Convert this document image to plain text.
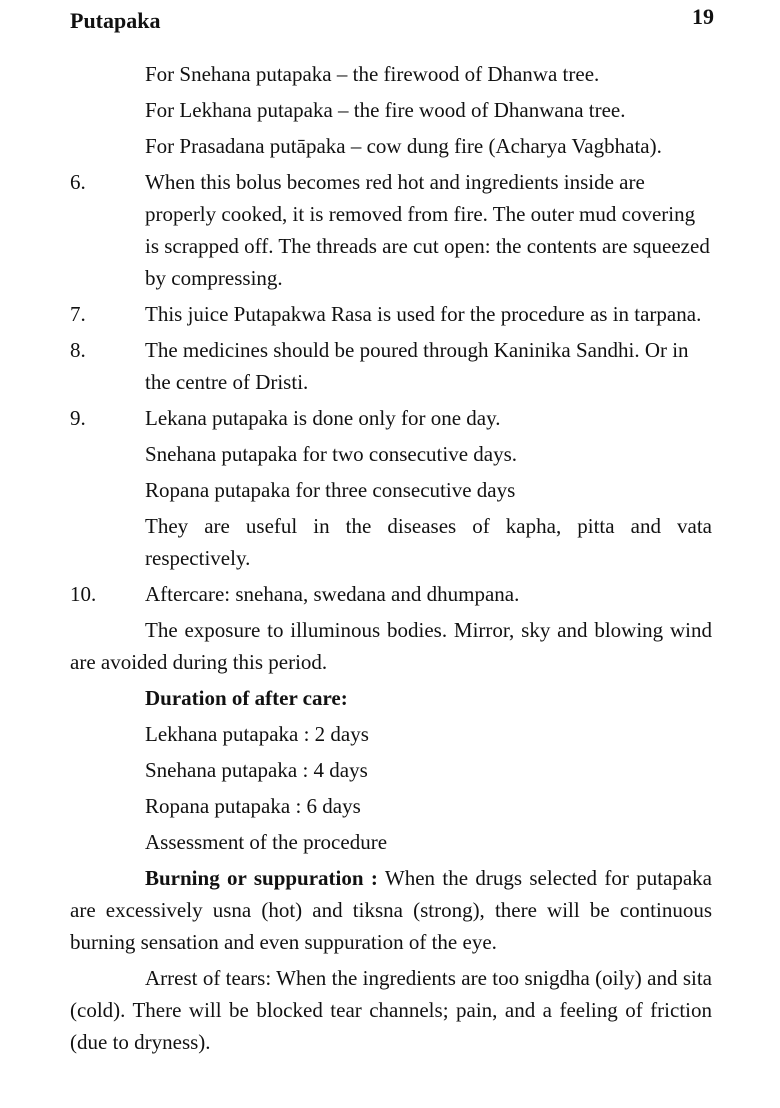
Putapaka	19

For Snehana putapaka – the firewood of Dhanwa tree.

For Lekhana putapaka – the fire wood of Dhanwana tree.

For Prasadana putāpaka – cow dung fire (Acharya Vagbhata).

6.	When this bolus becomes red hot and ingredients inside are properly cooked, it is removed from fire. The outer mud covering is scrapped off. The threads are cut open: the contents are squeezed by compressing.
7.	This juice Putapakwa Rasa is used for the procedure as in tarpana.
8.	The medicines should be poured through Kaninika Sandhi. Or in the centre of Dristi.
9.	Lekana putapaka is done only for one day.

Snehana putapaka for two consecutive days.

Ropana putapaka for three consecutive days

They are useful in the diseases of kapha, pitta and vata respectively.

10. Aftercare: snehana, swedana and dhumpana.

The exposure to illuminous bodies. Mirror, sky and blowing wind are avoided during this period.

Duration of after care:

Lekhana putapaka : 2 days

Snehana putapaka : 4 days

Ropana putapaka : 6 days

Assessment of the procedure

Burning or suppuration : When the drugs selected for putapaka are excessively usna (hot) and tiksna (strong), there will be continuous burning sensation and even suppuration of the eye.

Arrest of tears: When the ingredients are too snigdha (oily) and sita (cold). There will be blocked tear channels; pain, and a feeling of friction (due to dryness).
